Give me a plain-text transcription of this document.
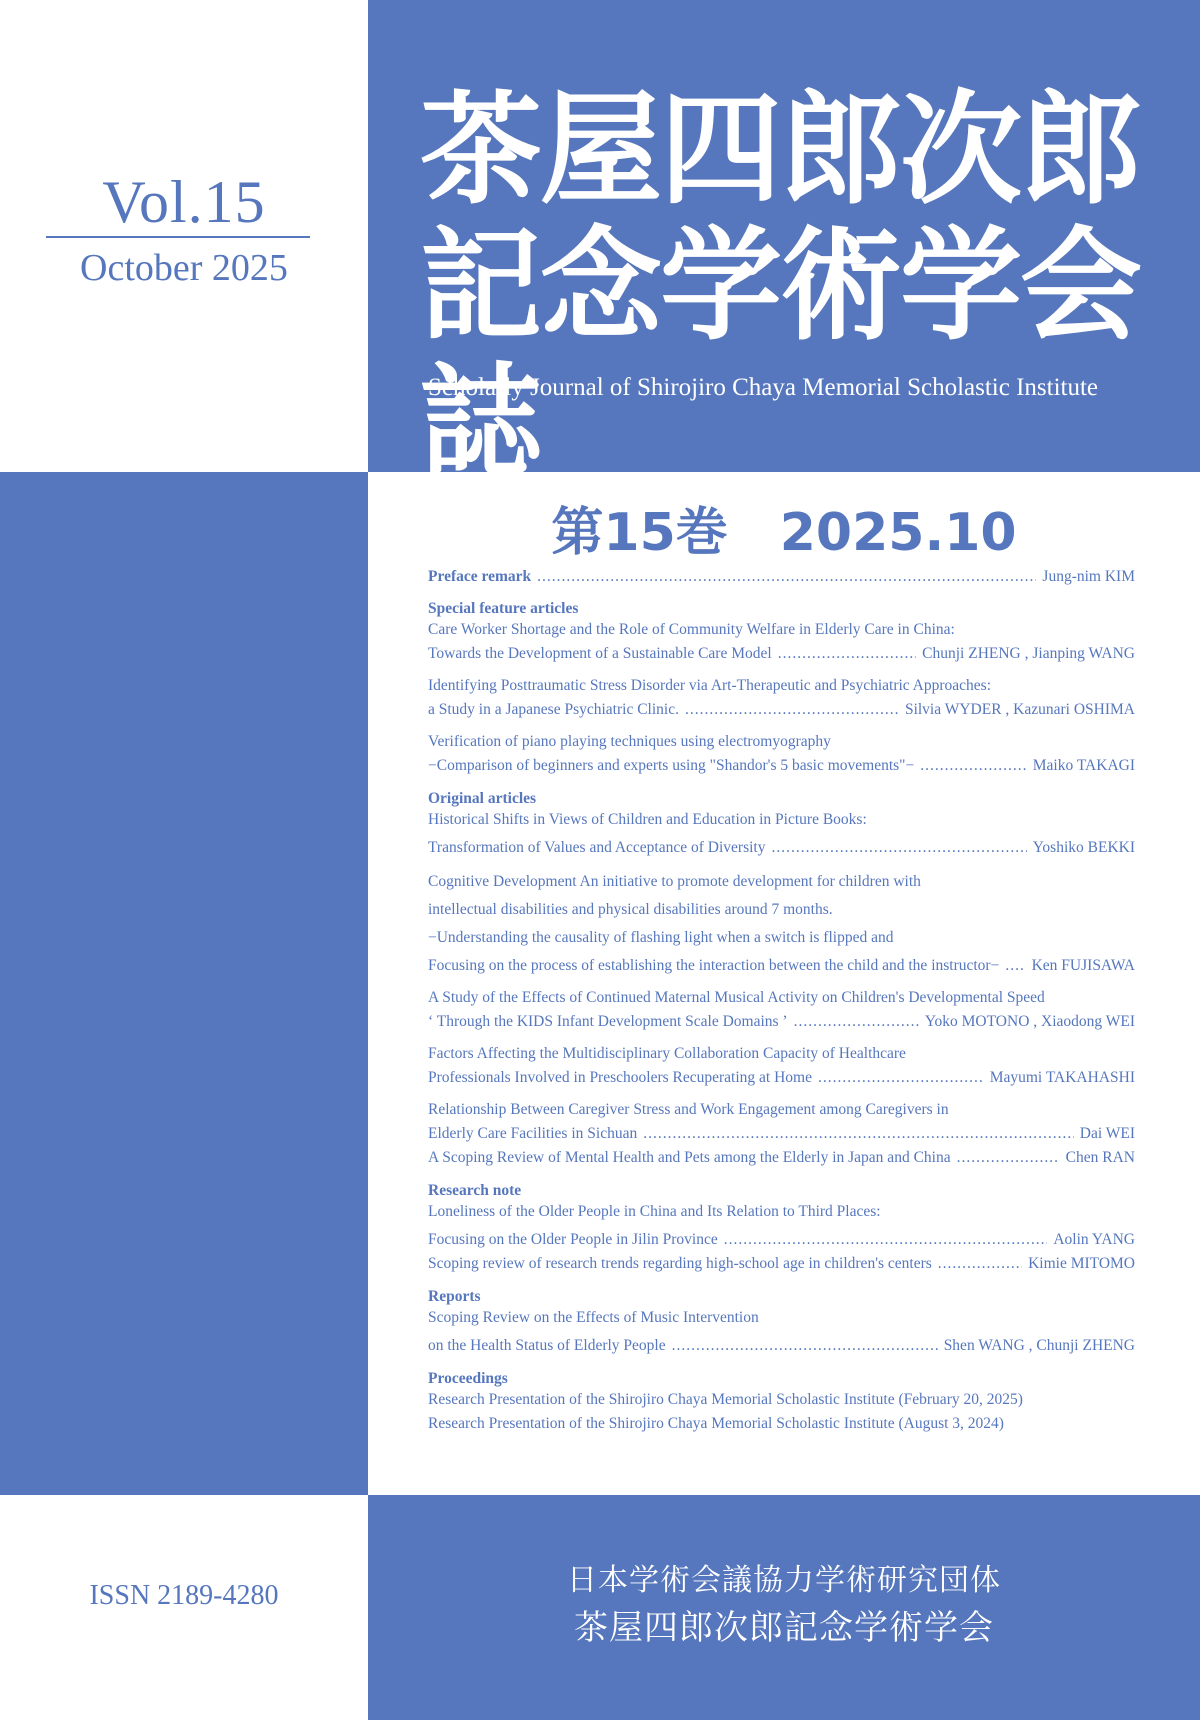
Vol.15
October 2025
茶屋四郎次郎
記念学術学会誌
Scholarly Journal of Shirojiro Chaya Memorial Scholastic Institute
第15巻　2025.10
Preface remark .....	Jung-nim KIM

Special feature articles

Care Worker Shortage and the Role of Community Welfare in Elderly Care in China:
Towards the Development of a Sustainable Care Model .....	Chunji ZHENG , Jianping WANG
Identifying Posttraumatic Stress Disorder via Art-Therapeutic and Psychiatric Approaches:
a Study in a Japanese Psychiatric Clinic. .....	Silvia WYDER , Kazunari OSHIMA
Verification of piano playing techniques using electromyography
−Comparison of beginners and experts using "Shandor's 5 basic movements"− .....	Maiko TAKAGI

Original articles

Historical Shifts in Views of Children and Education in Picture Books:
Transformation of Values and Acceptance of Diversity .....	Yoshiko BEKKI
Cognitive Development An initiative to promote development for children with
intellectual disabilities and physical disabilities around 7 months.
−Understanding the causality of flashing light when a switch is flipped and
Focusing on the process of establishing the interaction between the child and the instructor− ..... Ken FUJISAWA
A Study of the Effects of Continued Maternal Musical Activity on Children's Developmental Speed
‘ Through the KIDS Infant Development Scale Domains ’ .....	Yoko MOTONO , Xiaodong WEI
Factors Affecting the Multidisciplinary Collaboration Capacity of Healthcare
Professionals Involved in Preschoolers Recuperating at Home .....	Mayumi TAKAHASHI
Relationship Between Caregiver Stress and Work Engagement among Caregivers in
Elderly Care Facilities in Sichuan .....	Dai WEI
A Scoping Review of Mental Health and Pets among the Elderly in Japan and China .....	Chen RAN

Research note

Loneliness of the Older People in China and Its Relation to Third Places:
Focusing on the Older People in Jilin Province .....	Aolin YANG
Scoping review of research trends regarding high-school age in children's centers .....	Kimie MITOMO

Reports

Scoping Review on the Effects of Music Intervention
on the Health Status of Elderly People .....	Shen WANG , Chunji ZHENG

Proceedings

Research Presentation of the Shirojiro Chaya Memorial Scholastic Institute (February 20, 2025)
Research Presentation of the Shirojiro Chaya Memorial Scholastic Institute (August 3, 2024)
ISSN 2189-4280	日本学術会議協力学術研究団体
茶屋四郎次郎記念学術学会
